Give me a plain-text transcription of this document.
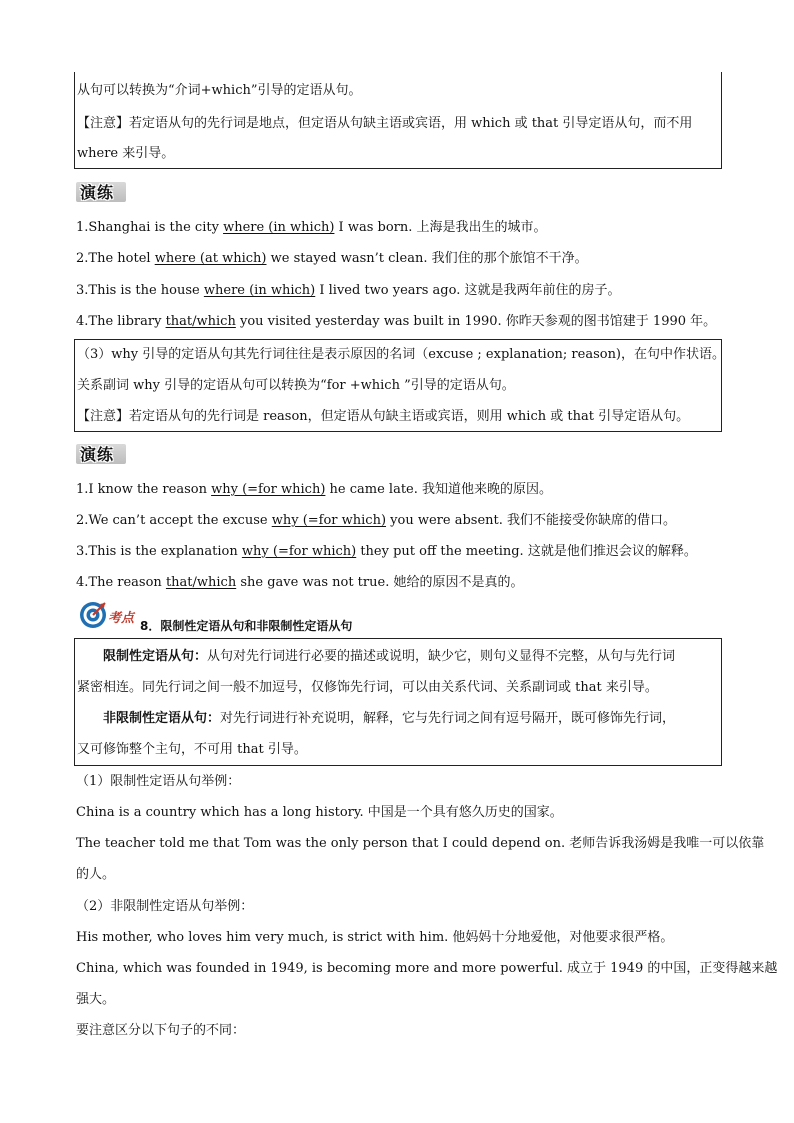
从句可以转换为“介词+which”引导的定语从句。
【注意】若定语从句的先行词是地点，但定语从句缺主语或宾语，用 which 或 that 引导定语从句，而不用
where 来引导。
演练
1.Shanghai is the city where (in which) I was born. 上海是我出生的城市。
2.The hotel where (at which) we stayed wasn’t clean. 我们住的那个旅馆不干净。
3.This is the house where (in which) I lived two years ago. 这就是我两年前住的房子。
4.The library that/which you visited yesterday was built in 1990. 你昨天参观的图书馆建于 1990 年。
（3）why 引导的定语从句其先行词往往是表示原因的名词（excuse ; explanation; reason)，在句中作状语。
关系副词 why 引导的定语从句可以转换为“for +which ”引导的定语从句。
【注意】若定语从句的先行词是 reason，但定语从句缺主语或宾语，则用 which 或 that 引导定语从句。
演练
1.I know the reason why (=for which) he came late. 我知道他来晚的原因。
2.We can’t accept the excuse why (=for which) you were absent. 我们不能接受你缺席的借口。
3.This is the explanation why (=for which) they put off the meeting. 这就是他们推迟会议的解释。
4.The reason that/which she gave was not true. 她给的原因不是真的。
考点 8．限制性定语从句和非限制性定语从句
限制性定语从句：从句对先行词进行必要的描述或说明，缺少它，则句义显得不完整，从句与先行词
紧密相连。同先行词之间一般不加逗号，仅修饰先行词，可以由关系代词、关系副词或 that 来引导。
非限制性定语从句：对先行词进行补充说明，解释，它与先行词之间有逗号隔开，既可修饰先行词，
又可修饰整个主句，不可用 that 引导。
（1）限制性定语从句举例：
China is a country which has a long history. 中国是一个具有悠久历史的国家。
The teacher told me that Tom was the only person that I could depend on. 老师告诉我汤姆是我唯一可以依靠
的人。
（2）非限制性定语从句举例：
His mother, who loves him very much, is strict with him. 他妈妈十分地爱他，对他要求很严格。
China, which was founded in 1949, is becoming more and more powerful. 成立于 1949 的中国，正变得越来越
强大。
要注意区分以下句子的不同：
